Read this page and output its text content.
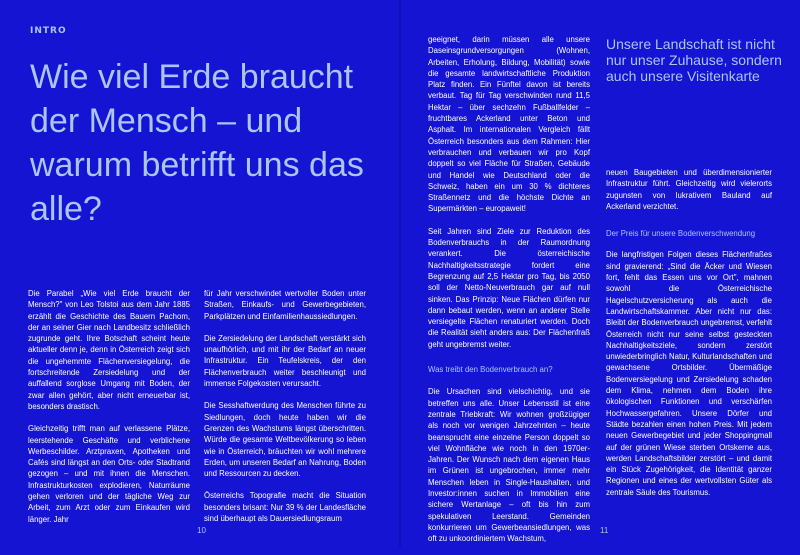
INTRO
Wie viel Erde braucht der Mensch – und warum betrifft uns das alle?

Die Parabel „Wie viel Erde braucht der Mensch?" von Leo Tolstoi aus dem Jahr 1885 erzählt die Geschichte des Bauern Pachom, der an seiner Gier nach Landbesitz schließlich zugrunde geht. Ihre Botschaft scheint heute aktueller denn je, denn in Österreich zeigt sich die ungehemmte Flächenversiegelung, die fortschreitende Zersiedelung und der auffallend sorglose Umgang mit Boden, der zwar allen gehört, aber nicht erneuerbar ist, besonders drastisch.

Gleichzeitig trifft man auf verlassene Plätze, leerstehende Geschäfte und verblichene Werbeschilder. Arztpraxen, Apotheken und Cafés sind längst an den Orts- oder Stadtrand gezogen – und mit ihnen die Menschen. Infrastrukturkosten explodieren, Naturräume gehen verloren und der tägliche Weg zur Arbeit, zum Arzt oder zum Einkaufen wird länger. Jahr

für Jahr verschwindet wertvoller Boden unter Straßen, Einkaufs- und Gewerbegebieten, Parkplätzen und Einfamilienhaussiedlungen.

Die Zersiedelung der Landschaft verstärkt sich unaufhörlich, und mit ihr der Bedarf an neuer Infrastruktur. Ein Teufelskreis, der den Flächenverbrauch weiter beschleunigt und immense Folgekosten verursacht.

Die Sesshaftwerdung des Menschen führte zu Siedlungen, doch heute haben wir die Grenzen des Wachstums längst überschritten. Würde die gesamte Weltbevölkerung so leben wie in Österreich, bräuchten wir wohl mehrere Erden, um unseren Bedarf an Nahrung, Boden und Ressourcen zu decken.

Österreichs Topografie macht die Situation besonders brisant: Nur 39 % der Landesfläche sind überhaupt als Dauersiedlungsraum

10

geeignet, darin müssen alle unsere Daseinsgrundversorgungen (Wohnen, Arbeiten, Erholung, Bildung, Mobilität) sowie die gesamte landwirtschaftliche Produktion Platz finden. Ein Fünftel davon ist bereits verbaut. Tag für Tag verschwinden rund 11,5 Hektar – über sechzehn Fußballfelder – fruchtbares Ackerland unter Beton und Asphalt. Im internationalen Vergleich fällt Österreich besonders aus dem Rahmen: Hier verbrauchen und verbauen wir pro Kopf doppelt so viel Fläche für Straßen, Gebäude und Handel wie Deutschland oder die Schweiz, haben ein um 30 % dichteres Straßennetz und die höchste Dichte an Supermärkten – europaweit!

Seit Jahren sind Ziele zur Reduktion des Bodenverbrauchs in der Raumordnung verankert. Die österreichische Nachhaltigkeitsstrategie fordert eine Begrenzung auf 2,5 Hektar pro Tag, bis 2050 soll der Netto-Neuverbrauch gar auf null sinken. Das Prinzip: Neue Flächen dürfen nur dann bebaut werden, wenn an anderer Stelle versiegelte Flächen renaturiert werden. Doch die Realität sieht anders aus: Der Flächenfraß geht ungebremst weiter.

Was treibt den Bodenverbrauch an?

Die Ursachen sind vielschichtig, und sie betreffen uns alle. Unser Lebensstil ist eine zentrale Triebkraft: Wir wohnen großzügiger als noch vor wenigen Jahrzehnten – heute beansprucht eine einzelne Person doppelt so viel Wohnfläche wie noch in den 1970er-Jahren. Der Wunsch nach dem eigenen Haus im Grünen ist ungebrochen, immer mehr Menschen leben in Single-Haushalten, und Investor:innen suchen in Immobilien eine sichere Wertanlage – oft bis hin zum spekulativen Leerstand. Gemeinden konkurrieren um Gewerbeansiedlungen, was oft zu unkoordiniertem Wachstum,

Unsere Landschaft ist nicht nur unser Zuhause, sondern auch unsere Visitenkarte

neuen Baugebieten und überdimensionierter Infrastruktur führt. Gleichzeitig wird vielerorts zugunsten von lukrativem Bauland auf Ackerland verzichtet.

Der Preis für unsere Bodenverschwendung

Die langfristigen Folgen dieses Flächenfraßes sind gravierend: „Sind die Äcker und Wiesen fort, fehlt das Essen uns vor Ort", mahnen sowohl die Österreichische Hagelschutzversicherung als auch die Landwirtschaftskammer. Aber nicht nur das: Bleibt der Bodenverbrauch ungebremst, verfehlt Österreich nicht nur seine selbst gesteckten Nachhaltigkeitsziele, sondern zerstört unwiederbringlich Natur, Kulturlandschaften und gewachsene Ortsbilder. Übermäßige Bodenversiegelung und Zersiedelung schaden dem Klima, nehmen dem Boden ihre ökologischen Funktionen und verschärfen Hochwassergefahren. Unsere Dörfer und Städte bezahlen einen hohen Preis. Mit jedem neuen Gewerbegebiet und jeder Shoppingmall auf der grünen Wiese sterben Ortskerne aus, werden Landschaftsbilder zerstört – und damit ein Stück Zugehörigkeit, die Identität ganzer Regionen und eines der wertvollsten Güter als zentrale Säule des Tourismus.

11
